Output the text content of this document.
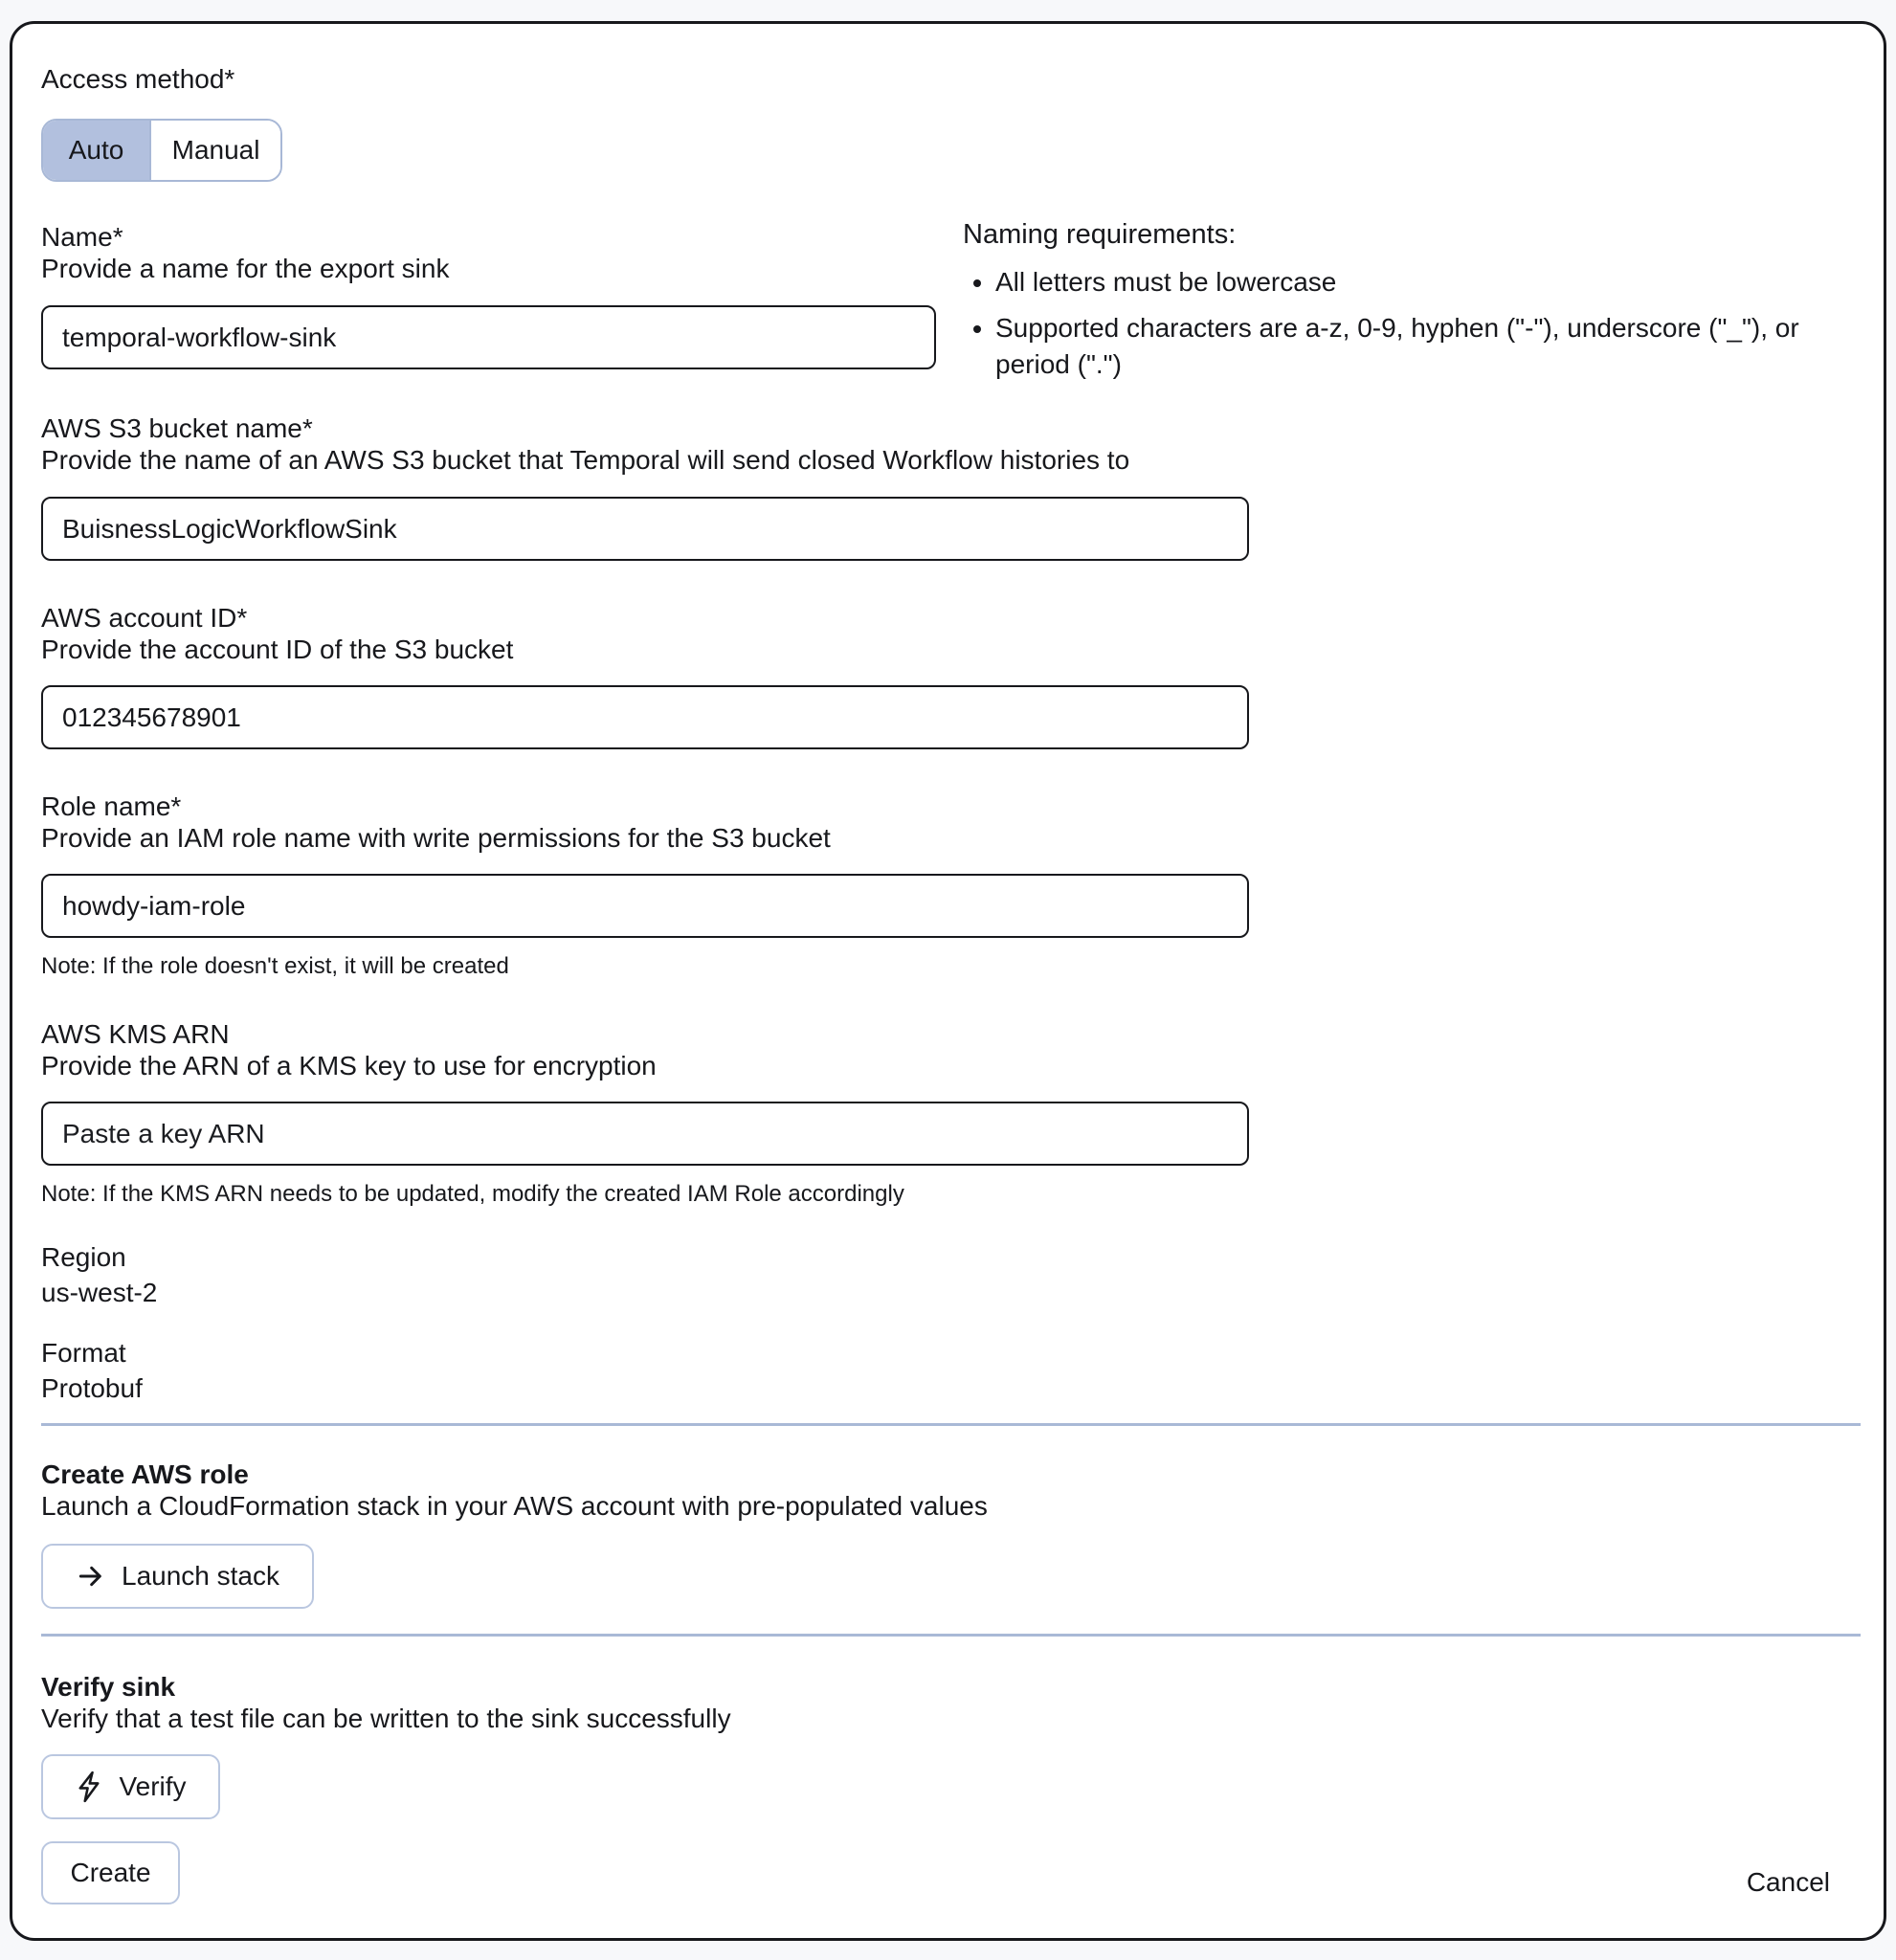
Access method*
Auto Manual
Name*
Provide a name for the export sink
temporal-workflow-sink
Naming requirements:
• All letters must be lowercase
• Supported characters are a-z, 0-9, hyphen ("-"), underscore ("_"), or period (".")
AWS S3 bucket name*
Provide the name of an AWS S3 bucket that Temporal will send closed Workflow histories to
BuisnessLogicWorkflowSink
AWS account ID*
Provide the account ID of the S3 bucket
012345678901
Role name*
Provide an IAM role name with write permissions for the S3 bucket
howdy-iam-role
Note: If the role doesn't exist, it will be created
AWS KMS ARN
Provide the ARN of a KMS key to use for encryption
Paste a key ARN
Note: If the KMS ARN needs to be updated, modify the created IAM Role accordingly
Region
us-west-2
Format
Protobuf
Create AWS role
Launch a CloudFormation stack in your AWS account with pre-populated values
Launch stack
Verify sink
Verify that a test file can be written to the sink successfully
Verify
Create	Cancel
